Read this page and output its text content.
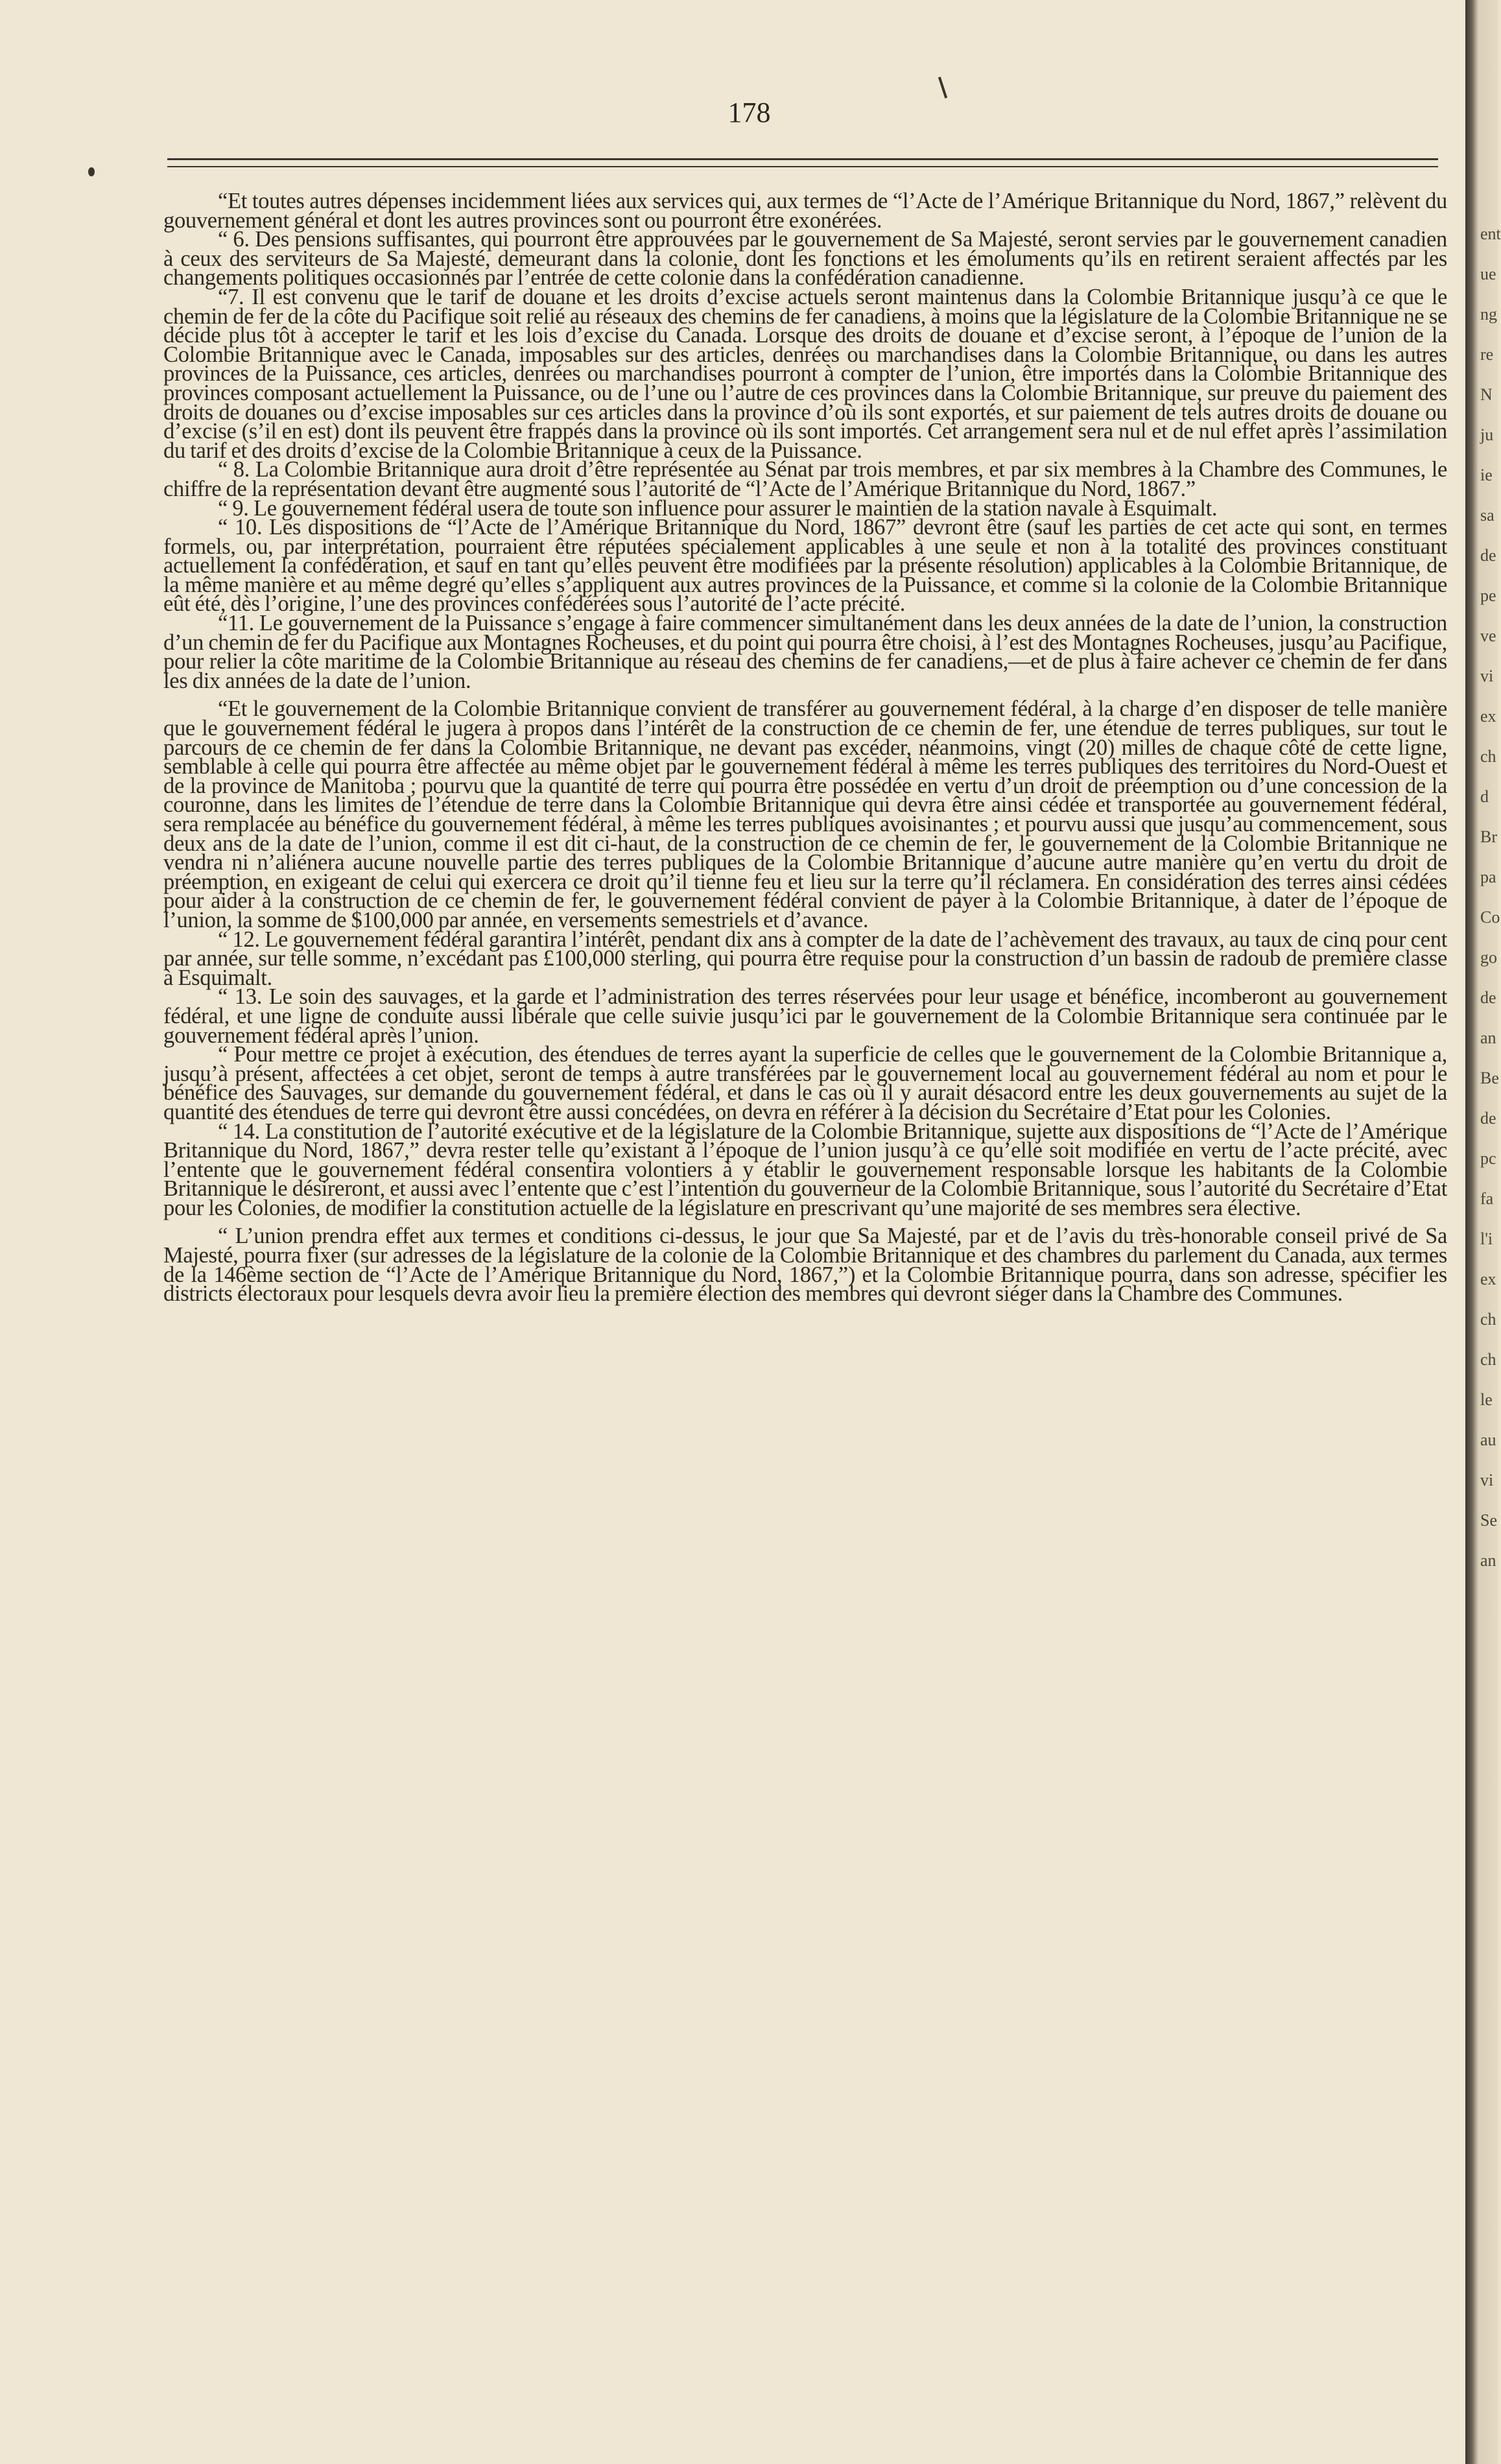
178

“Et toutes autres dépenses incidemment liées aux services qui, aux termes de “l’Acte de l’Amérique Britannique du Nord, 1867,” relèvent du gouvernement général et dont les autres provinces sont ou pourront être exonérées.

“ 6. Des pensions suffisantes, qui pourront être approuvées par le gouvernement de Sa Majesté, seront servies par le gouvernement canadien à ceux des serviteurs de Sa Majesté, demeurant dans la colonie, dont les fonctions et les émoluments qu’ils en retirent seraient affectés par les changements politiques occasionnés par l’entrée de cette colonie dans la confédération canadienne.

“7. Il est convenu que le tarif de douane et les droits d’excise actuels seront maintenus dans la Colombie Britannique jusqu’à ce que le chemin de fer de la côte du Pacifique soit relié au réseaux des chemins de fer canadiens, à moins que la législature de la Colombie Britannique ne se décide plus tôt à accepter le tarif et les lois d’excise du Canada. Lorsque des droits de douane et d’excise seront, à l’époque de l’union de la Colombie Britannique avec le Canada, imposables sur des articles, denrées ou marchandises dans la Colombie Britannique, ou dans les autres provinces de la Puissance, ces articles, denrées ou marchandises pourront à compter de l’union, être importés dans la Colombie Britannique des provinces composant actuellement la Puissance, ou de l’une ou l’autre de ces provinces dans la Colombie Britannique, sur preuve du paiement des droits de douanes ou d’excise imposables sur ces articles dans la province d’où ils sont exportés, et sur paiement de tels autres droits de douane ou d’excise (s’il en est) dont ils peuvent être frappés dans la province où ils sont importés. Cet arrangement sera nul et de nul effet après l’assimilation du tarif et des droits d’excise de la Colombie Britannique à ceux de la Puissance.

“ 8. La Colombie Britannique aura droit d’être représentée au Sénat par trois membres, et par six membres à la Chambre des Communes, le chiffre de la représentation devant être augmenté sous l’autorité de “l’Acte de l’Amérique Britannique du Nord, 1867.”

“ 9. Le gouvernement fédéral usera de toute son influence pour assurer le maintien de la station navale à Esquimalt.

“ 10. Les dispositions de “l’Acte de l’Amérique Britannique du Nord, 1867” devront être (sauf les parties de cet acte qui sont, en termes formels, ou, par interprétation, pourraient être réputées spécialement applicables à une seule et non à la totalité des provinces constituant actuellement la confédération, et sauf en tant qu’elles peuvent être modifiées par la présente résolution) applicables à la Colombie Britannique, de la même manière et au même degré qu’elles s’appliquent aux autres provinces de la Puissance, et comme si la colonie de la Colombie Britannique eût été, dès l’origine, l’une des provinces confédérées sous l’autorité de l’acte précité.

“11. Le gouvernement de la Puissance s’engage à faire commencer simultanément dans les deux années de la date de l’union, la construction d’un chemin de fer du Pacifique aux Montagnes Rocheuses, et du point qui pourra être choisi, à l’est des Montagnes Rocheuses, jusqu’au Pacifique, pour relier la côte maritime de la Colombie Britannique au réseau des chemins de fer canadiens,—et de plus à faire achever ce chemin de fer dans les dix années de la date de l’union.

“Et le gouvernement de la Colombie Britannique convient de transférer au gouvernement fédéral, à la charge d’en disposer de telle manière que le gouvernement fédéral le jugera à propos dans l’intérêt de la construction de ce chemin de fer, une étendue de terres publiques, sur tout le parcours de ce chemin de fer dans la Colombie Britannique, ne devant pas excéder, néanmoins, vingt (20) milles de chaque côté de cette ligne, semblable à celle qui pourra être affectée au même objet par le gouvernement fédéral à même les terres publiques des territoires du Nord-Ouest et de la province de Manitoba ; pourvu que la quantité de terre qui pourra être possédée en vertu d’un droit de préemption ou d’une concession de la couronne, dans les limites de l’étendue de terre dans la Colombie Britannique qui devra être ainsi cédée et transportée au gouvernement fédéral, sera remplacée au bénéfice du gouvernement fédéral, à même les terres publiques avoisinantes ; et pourvu aussi que jusqu’au commencement, sous deux ans de la date de l’union, comme il est dit ci-haut, de la construction de ce chemin de fer, le gouvernement de la Colombie Britannique ne vendra ni n’aliénera aucune nouvelle partie des terres publiques de la Colombie Britannique d’aucune autre manière qu’en vertu du droit de préemption, en exigeant de celui qui exercera ce droit qu’il tienne feu et lieu sur la terre qu’il réclamera. En considération des terres ainsi cédées pour aider à la construction de ce chemin de fer, le gouvernement fédéral convient de payer à la Colombie Britannique, à dater de l’époque de l’union, la somme de $100,000 par année, en versements semestriels et d’avance.

“ 12. Le gouvernement fédéral garantira l’intérêt, pendant dix ans à compter de la date de l’achèvement des travaux, au taux de cinq pour cent par année, sur telle somme, n’excédant pas £100,000 sterling, qui pourra être requise pour la construction d’un bassin de radoub de première classe à Esquimalt.

“ 13. Le soin des sauvages, et la garde et l’administration des terres réservées pour leur usage et bénéfice, incomberont au gouvernement fédéral, et une ligne de conduite aussi libérale que celle suivie jusqu’ici par le gouvernement de la Colombie Britannique sera continuée par le gouvernement fédéral après l’union.

“ Pour mettre ce projet à exécution, des étendues de terres ayant la superficie de celles que le gouvernement de la Colombie Britannique a, jusqu’à présent, affectées à cet objet, seront de temps à autre transférées par le gouvernement local au gouvernement fédéral au nom et pour le bénéfice des Sauvages, sur demande du gouvernement fédéral, et dans le cas où il y aurait désacord entre les deux gouvernements au sujet de la quantité des étendues de terre qui devront être aussi concédées, on devra en référer à la décision du Secrétaire d’Etat pour les Colonies.

“ 14. La constitution de l’autorité exécutive et de la législature de la Colombie Britannique, sujette aux dispositions de “l’Acte de l’Amérique Britannique du Nord, 1867,” devra rester telle qu’existant à l’époque de l’union jusqu’à ce qu’elle soit modifiée en vertu de l’acte précité, avec l’entente que le gouvernement fédéral consentira volontiers à y établir le gouvernement responsable lorsque les habitants de la Colombie Britannique le désireront, et aussi avec l’entente que c’est l’intention du gouverneur de la Colombie Britannique, sous l’autorité du Secrétaire d’Etat pour les Colonies, de modifier la constitution actuelle de la législature en prescrivant qu’une majorité de ses membres sera élective.

“ L’union prendra effet aux termes et conditions ci-dessus, le jour que Sa Majesté, par et de l’avis du très-honorable conseil privé de Sa Majesté, pourra fixer (sur adresses de la législature de la colonie de la Colombie Britannique et des chambres du parlement du Canada, aux termes de la 146ème section de “l’Acte de l’Amérique Britannique du Nord, 1867,”) et la Colombie Britannique pourra, dans son adresse, spécifier les districts électoraux pour lesquels devra avoir lieu la première élection des membres qui devront siéger dans la Chambre des Communes.

ent ue ng re N ju ie sa de pe ve vi ex ch d Br pa Co go de an Be de pc fa l'i ex ch ch le au vi Se an
